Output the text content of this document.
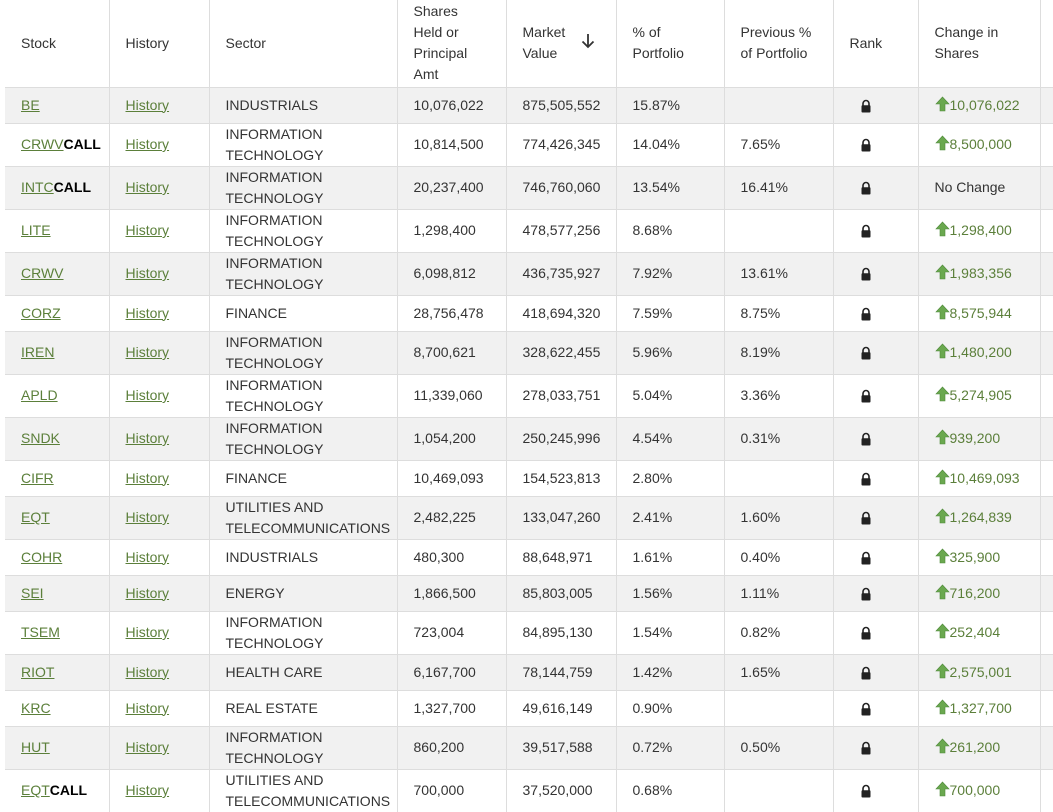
Stock	History	Sector	Shares Held or Principal Amt	Market Value	% of Portfolio	Previous % of Portfolio	Rank	Change in Shares	
BE	History	INDUSTRIALS	10,076,022	875,505,552	15.87%			10,076,022	
CRWVCALL	History	INFORMATION TECHNOLOGY	10,814,500	774,426,345	14.04%	7.65%		8,500,000	
INTCCALL	History	INFORMATION TECHNOLOGY	20,237,400	746,760,060	13.54%	16.41%		No Change	
LITE	History	INFORMATION TECHNOLOGY	1,298,400	478,577,256	8.68%			1,298,400	
CRWV	History	INFORMATION TECHNOLOGY	6,098,812	436,735,927	7.92%	13.61%		1,983,356	
CORZ	History	FINANCE	28,756,478	418,694,320	7.59%	8.75%		8,575,944	
IREN	History	INFORMATION TECHNOLOGY	8,700,621	328,622,455	5.96%	8.19%		1,480,200	
APLD	History	INFORMATION TECHNOLOGY	11,339,060	278,033,751	5.04%	3.36%		5,274,905	
SNDK	History	INFORMATION TECHNOLOGY	1,054,200	250,245,996	4.54%	0.31%		939,200	
CIFR	History	FINANCE	10,469,093	154,523,813	2.80%			10,469,093	
EQT	History	UTILITIES AND TELECOMMUNICATIONS	2,482,225	133,047,260	2.41%	1.60%		1,264,839	
COHR	History	INDUSTRIALS	480,300	88,648,971	1.61%	0.40%		325,900	
SEI	History	ENERGY	1,866,500	85,803,005	1.56%	1.11%		716,200	
TSEM	History	INFORMATION TECHNOLOGY	723,004	84,895,130	1.54%	0.82%		252,404	
RIOT	History	HEALTH CARE	6,167,700	78,144,759	1.42%	1.65%		2,575,001	
KRC	History	REAL ESTATE	1,327,700	49,616,149	0.90%			1,327,700	
HUT	History	INFORMATION TECHNOLOGY	860,200	39,517,588	0.72%	0.50%		261,200	
EQTCALL	History	UTILITIES AND TELECOMMUNICATIONS	700,000	37,520,000	0.68%			700,000	
